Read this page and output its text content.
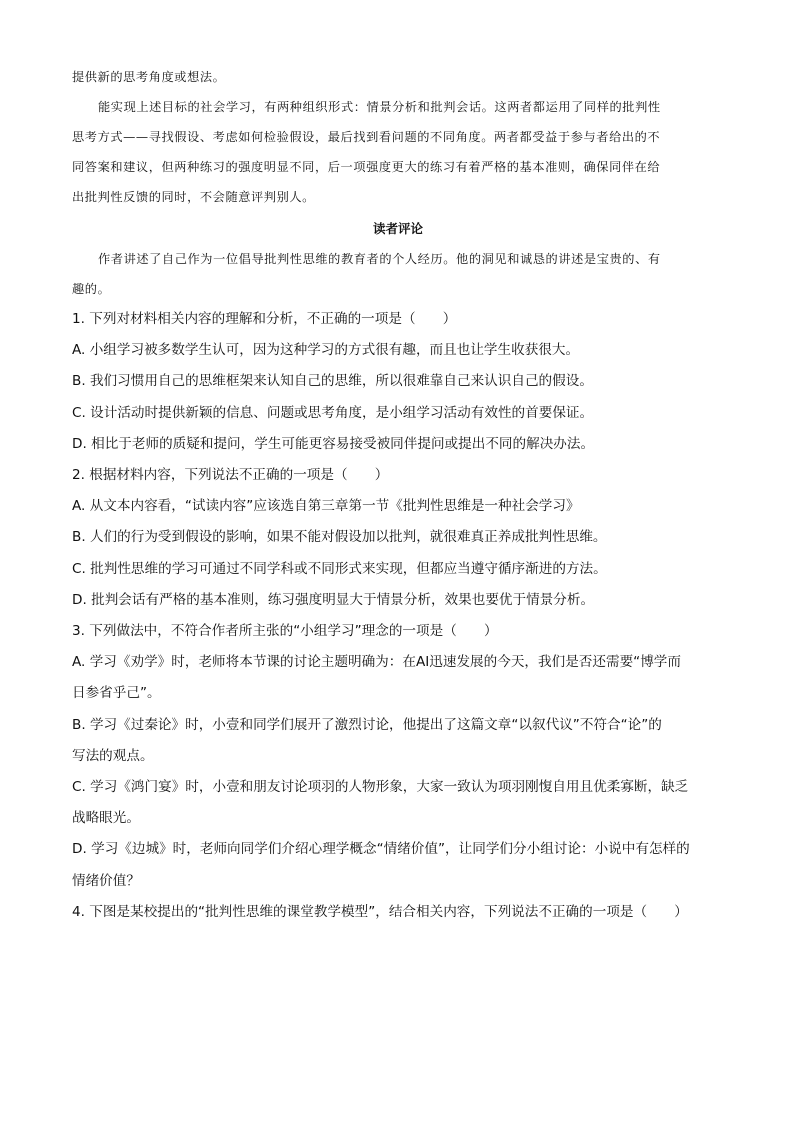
提供新的思考角度或想法。
能实现上述目标的社会学习，有两种组织形式：情景分析和批判会话。这两者都运用了同样的批判性
思考方式——寻找假设、考虑如何检验假设，最后找到看问题的不同角度。两者都受益于参与者给出的不
同答案和建议，但两种练习的强度明显不同，后一项强度更大的练习有着严格的基本准则，确保同伴在给
出批判性反馈的同时，不会随意评判别人。
读者评论
作者讲述了自己作为一位倡导批判性思维的教育者的个人经历。他的洞见和诚恳的讲述是宝贵的、有
趣的。
1. 下列对材料相关内容的理解和分析，不正确的一项是（　　）
A. 小组学习被多数学生认可，因为这种学习的方式很有趣，而且也让学生收获很大。
B. 我们习惯用自己的思维框架来认知自己的思维，所以很难靠自己来认识自己的假设。
C. 设计活动时提供新颖的信息、问题或思考角度，是小组学习活动有效性的首要保证。
D. 相比于老师的质疑和提问，学生可能更容易接受被同伴提问或提出不同的解决办法。
2. 根据材料内容，下列说法不正确的一项是（　　）
A. 从文本内容看，“试读内容”应该选自第三章第一节《批判性思维是一种社会学习》
B. 人们的行为受到假设的影响，如果不能对假设加以批判，就很难真正养成批判性思维。
C. 批判性思维的学习可通过不同学科或不同形式来实现，但都应当遵守循序渐进的方法。
D. 批判会话有严格的基本准则，练习强度明显大于情景分析，效果也要优于情景分析。
3. 下列做法中，不符合作者所主张的“小组学习”理念的一项是（　　）
A. 学习《劝学》时，老师将本节课的讨论主题明确为：在AI迅速发展的今天，我们是否还需要“博学而
日参省乎己”。
B. 学习《过秦论》时，小壹和同学们展开了激烈讨论，他提出了这篇文章“以叙代议”不符合“论”的
写法的观点。
C. 学习《鸿门宴》时，小壹和朋友讨论项羽的人物形象，大家一致认为项羽刚愎自用且优柔寡断，缺乏
战略眼光。
D. 学习《边城》时，老师向同学们介绍心理学概念“情绪价值”，让同学们分小组讨论：小说中有怎样的
情绪价值？
4. 下图是某校提出的“批判性思维的课堂教学模型”，结合相关内容，下列说法不正确的一项是（　　）
